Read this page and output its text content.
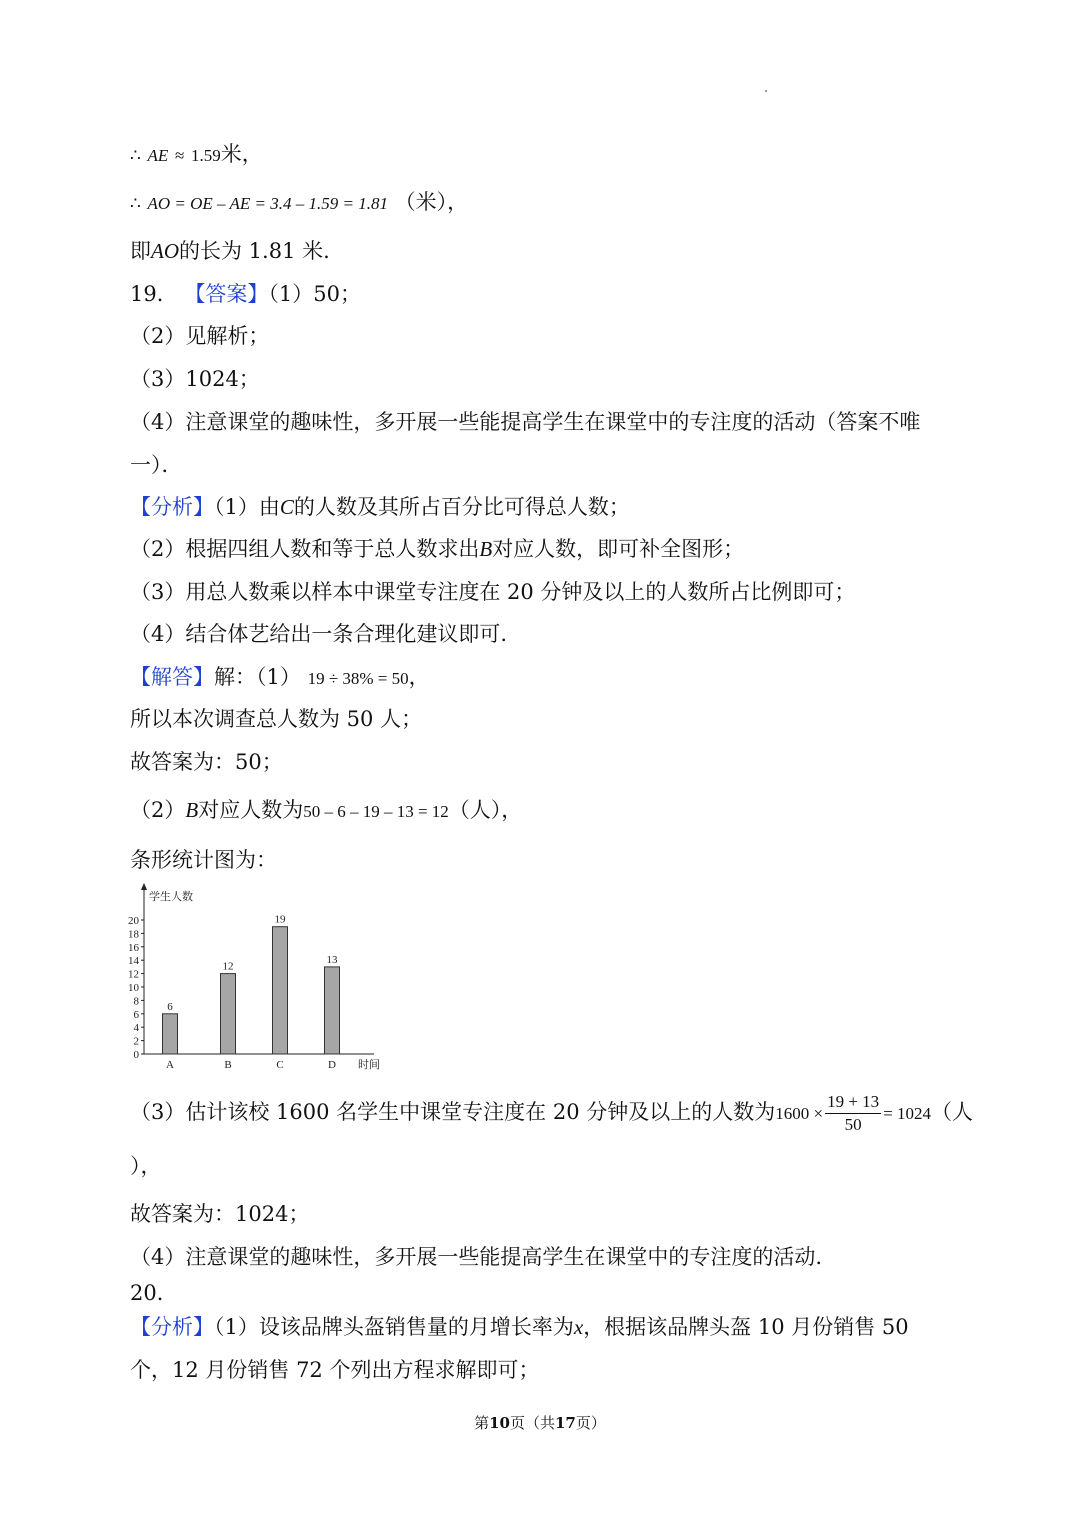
∴ AE ≈ 1.59米，
∴ AO = OE – AE = 3.4 – 1.59 = 1.81 （米），
即AO的长为 1.81 米.
19． 【答案】（1）50；
（2）见解析；
（3）1024；
（4）注意课堂的趣味性，多开展一些能提高学生在课堂中的专注度的活动（答案不唯
一）．
【分析】（1）由C的人数及其所占百分比可得总人数；
（2）根据四组人数和等于总人数求出B对应人数，即可补全图形；
（3）用总人数乘以样本中课堂专注度在 20 分钟及以上的人数所占比例即可；
（4）结合体艺给出一条合理化建议即可.
【解答】解：（1） 19 ÷ 38% = 50，
所以本次调查总人数为 50 人；
故答案为：50；
（2）B对应人数为50 – 6 – 19 – 13 = 12（人），
条形统计图为：
学生人数
时间
0
2
4
6
8
10
12
14
16
18
20
6
A
12
B
19
C
13
D
（3）估计该校 1600 名学生中课堂专注度在 20 分钟及以上的人数为$1600 \times \frac{19 + 13}{50} = 1024$（人
），
故答案为：1024；
（4）注意课堂的趣味性，多开展一些能提高学生在课堂中的专注度的活动.
20．
【分析】（1）设该品牌头盔销售量的月增长率为x，根据该品牌头盔 10 月份销售 50
个，12 月份销售 72 个列出方程求解即可；
第10页（共17页）
